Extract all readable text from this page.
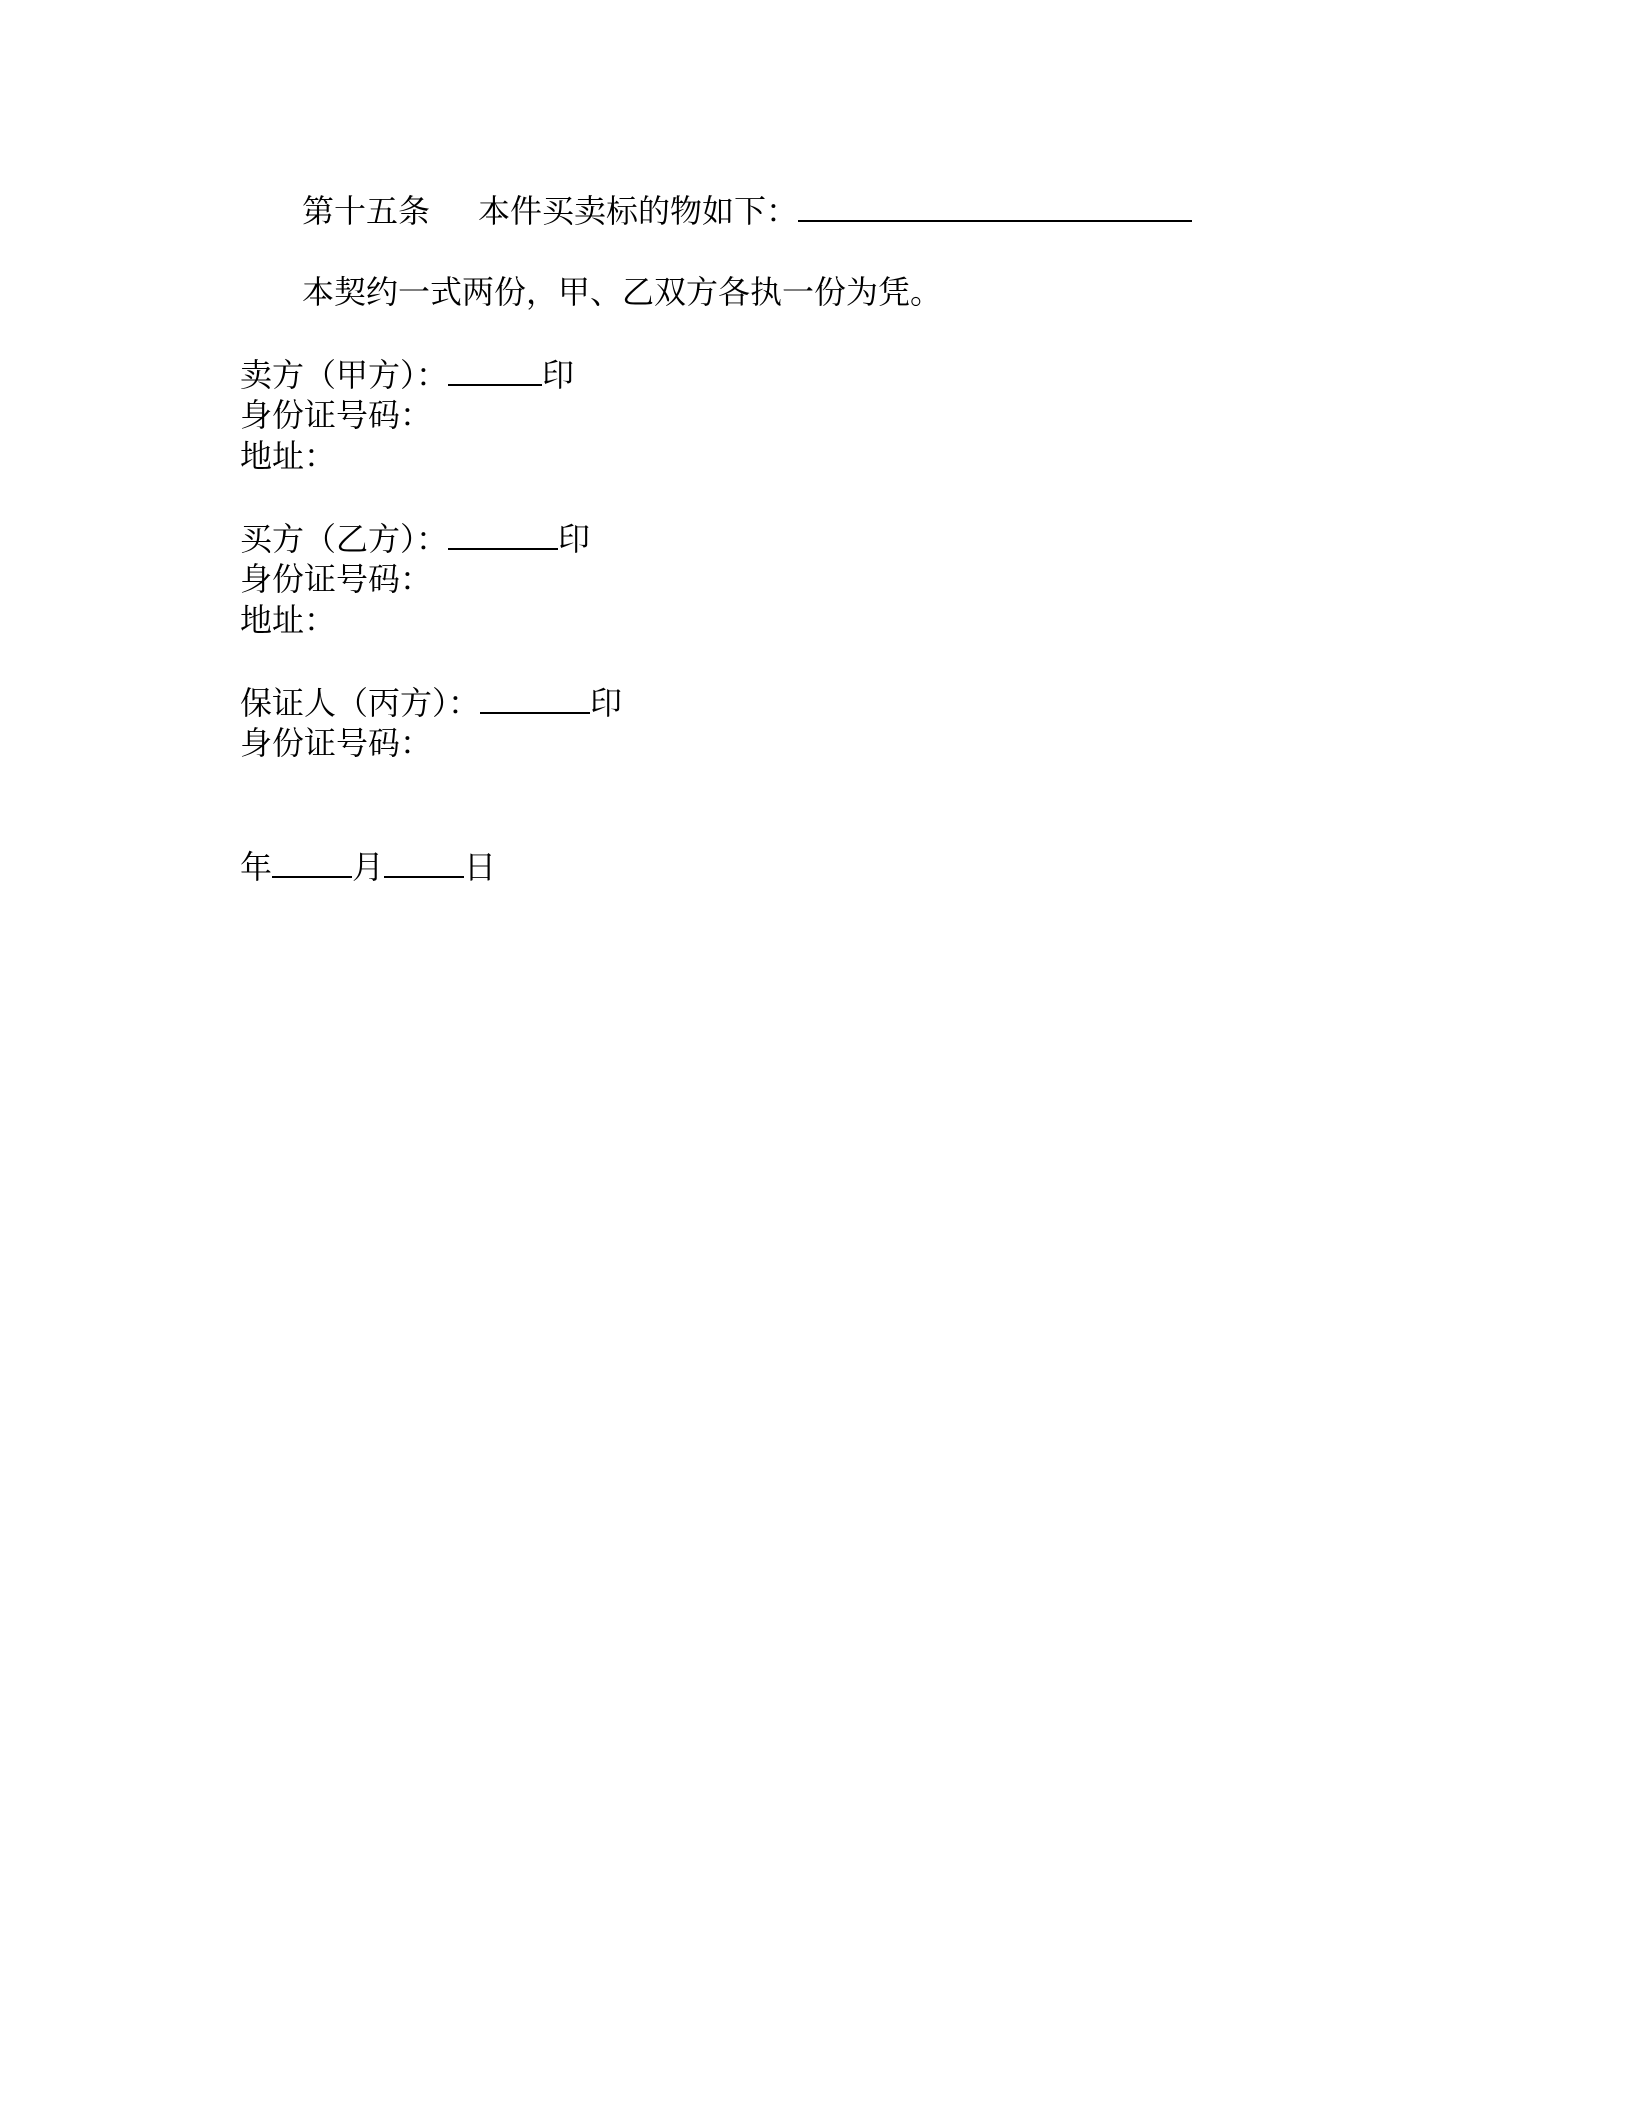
第十五条 本件买卖标的物如下：
本契约一式两份，甲、乙双方各执一份为凭。
卖方（甲方）：	印
身份证号码：
地址：
买方（乙方）：	印
身份证号码：
地址：
保证人（丙方）：	印
身份证号码：
年	月	日
